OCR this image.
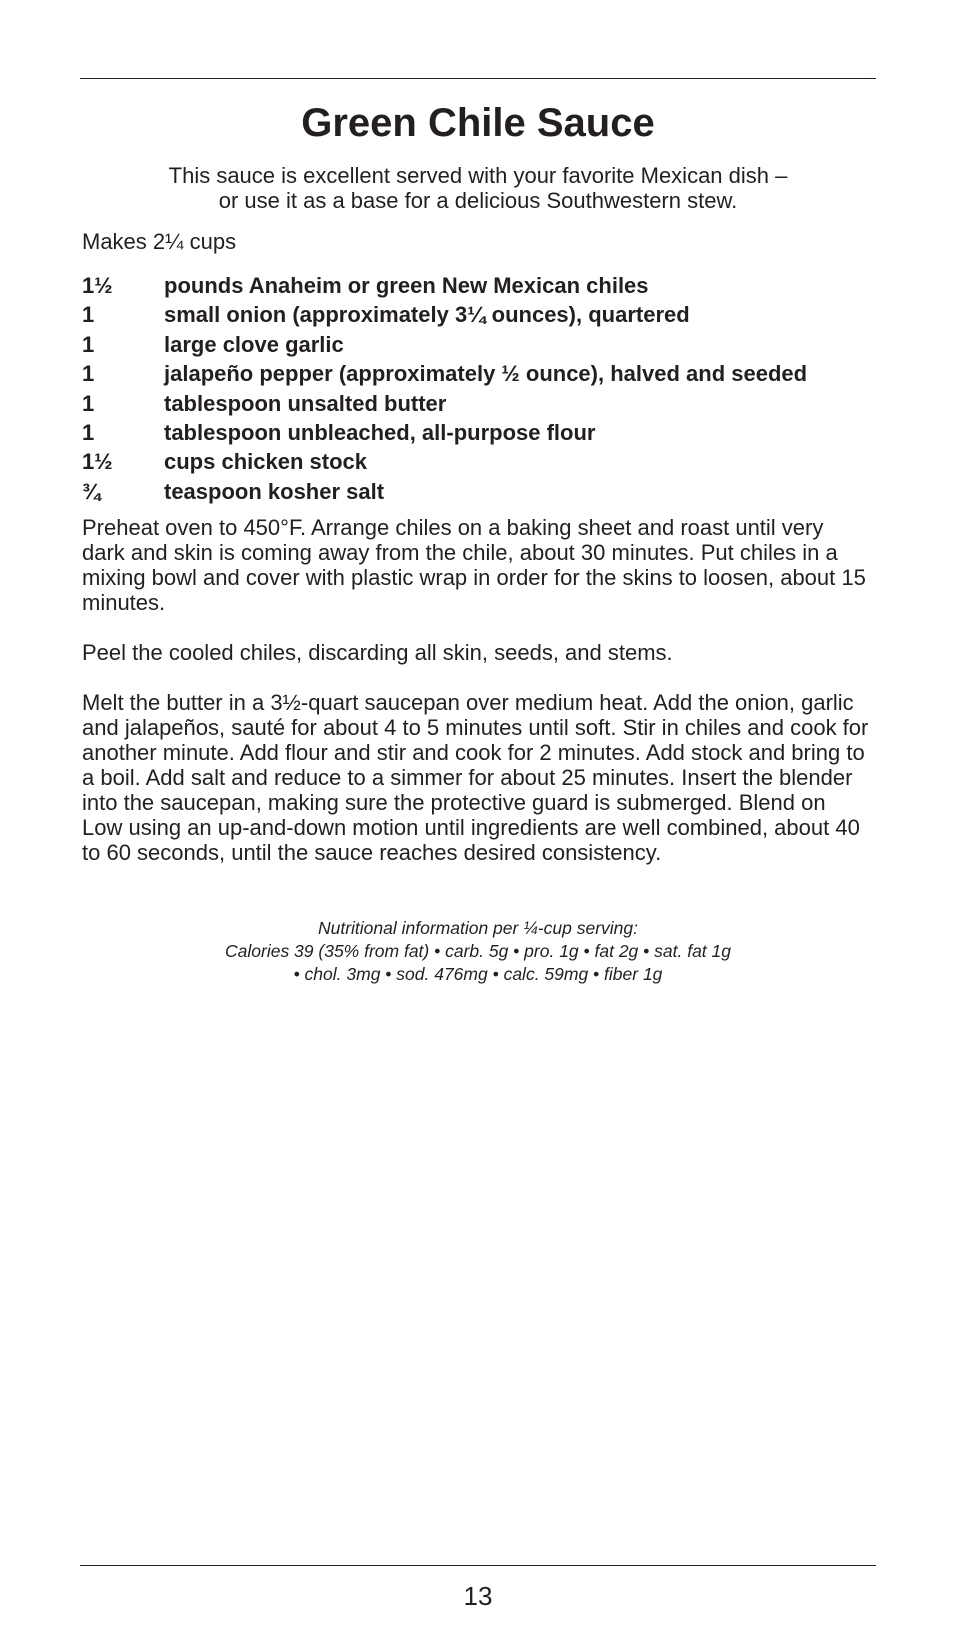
Green Chile Sauce

This sauce is excellent served with your favorite Mexican dish –
or use it as a base for a delicious Southwestern stew.

Makes 2¼ cups

1½	pounds Anaheim or green New Mexican chiles
1	small onion (approximately 3¼ ounces), quartered
1	large clove garlic
1	jalapeño pepper (approximately ½ ounce), halved and seeded
1	tablespoon unsalted butter
1	tablespoon unbleached, all-purpose flour
1½	cups chicken stock
¾	teaspoon kosher salt

Preheat oven to 450°F. Arrange chiles on a baking sheet and roast until very dark and skin is coming away from the chile, about 30 minutes. Put chiles in a mixing bowl and cover with plastic wrap in order for the skins to loosen, about 15 minutes.

Peel the cooled chiles, discarding all skin, seeds, and stems.

Melt the butter in a 3½-quart saucepan over medium heat. Add the onion, garlic and jalapeños, sauté for about 4 to 5 minutes until soft. Stir in chiles and cook for another minute. Add flour and stir and cook for 2 minutes. Add stock and bring to a boil. Add salt and reduce to a simmer for about 25 minutes. Insert the blender into the saucepan, making sure the protective guard is submerged. Blend on Low using an up-and-down motion until ingredients are well combined, about 40 to 60 seconds, until the sauce reaches desired consistency.

Nutritional information per ¼-cup serving:
Calories 39 (35% from fat) • carb. 5g • pro. 1g • fat 2g • sat. fat 1g
• chol. 3mg • sod. 476mg • calc. 59mg • fiber 1g

13
